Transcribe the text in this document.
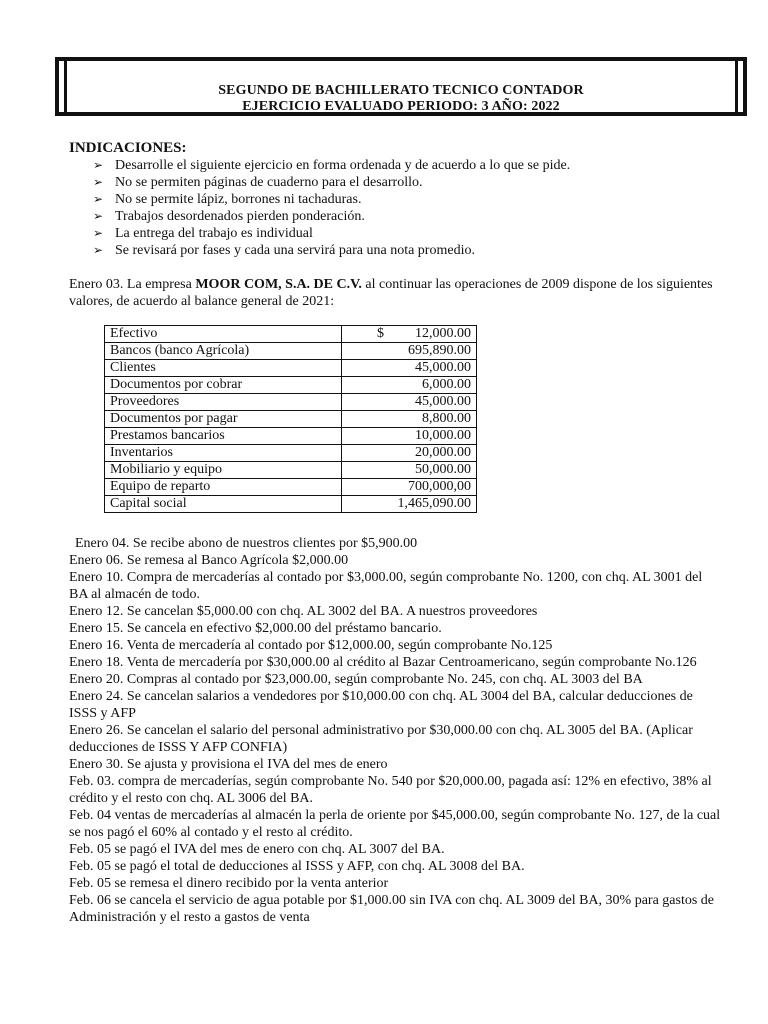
SEGUNDO DE BACHILLERATO TECNICO CONTADOR
EJERCICIO EVALUADO PERIODO: 3 AÑO: 2022
INDICACIONES:
➢ Desarrolle el siguiente ejercicio en forma ordenada y de acuerdo a lo que se pide.
➢ No se permiten páginas de cuaderno para el desarrollo.
➢ No se permite lápiz, borrones ni tachaduras.
➢ Trabajos desordenados pierden ponderación.
➢ La entrega del trabajo es individual
➢ Se revisará por fases y cada una servirá para una nota promedio.
Enero 03. La empresa MOOR COM, S.A. DE C.V. al continuar las operaciones de 2009 dispone de los siguientes valores, de acuerdo al balance general de 2021:
Efectivo	$ 12,000.00
Bancos (banco Agrícola)	695,890.00
Clientes	45,000.00
Documentos por cobrar	6,000.00
Proveedores	45,000.00
Documentos por pagar	8,800.00
Prestamos bancarios	10,000.00
Inventarios	20,000.00
Mobiliario y equipo	50,000.00
Equipo de reparto	700,000,00
Capital social	1,465,090.00

Enero 04. Se recibe abono de nuestros clientes por $5,900.00

Enero 06. Se remesa al Banco Agrícola $2,000.00

Enero 10. Compra de mercaderías al contado por $3,000.00, según comprobante No. 1200, con chq. AL 3001 del BA al almacén de todo.

Enero 12. Se cancelan $5,000.00 con chq. AL 3002 del BA. A nuestros proveedores

Enero 15. Se cancela en efectivo $2,000.00 del préstamo bancario.

Enero 16. Venta de mercadería al contado por $12,000.00, según comprobante No.125

Enero 18. Venta de mercadería por $30,000.00 al crédito al Bazar Centroamericano, según comprobante No.126

Enero 20. Compras al contado por $23,000.00, según comprobante No. 245, con chq. AL 3003 del BA

Enero 24. Se cancelan salarios a vendedores por $10,000.00 con chq. AL 3004 del BA, calcular deducciones de ISSS y AFP

Enero 26. Se cancelan el salario del personal administrativo por $30,000.00 con chq. AL 3005 del BA. (Aplicar deducciones de ISSS Y AFP CONFIA)

Enero 30. Se ajusta y provisiona el IVA del mes de enero

Feb. 03. compra de mercaderías, según comprobante No. 540 por $20,000.00, pagada así: 12% en efectivo, 38% al crédito y el resto con chq. AL 3006 del BA.

Feb. 04 ventas de mercaderías al almacén la perla de oriente por $45,000.00, según comprobante No. 127, de la cual se nos pagó el 60% al contado y el resto al crédito.

Feb. 05 se pagó el IVA del mes de enero con chq. AL 3007 del BA.

Feb. 05 se pagó el total de deducciones al ISSS y AFP, con chq. AL 3008 del BA.

Feb. 05 se remesa el dinero recibido por la venta anterior

Feb. 06 se cancela el servicio de agua potable por $1,000.00 sin IVA con chq. AL 3009 del BA, 30% para gastos de Administración y el resto a gastos de venta
